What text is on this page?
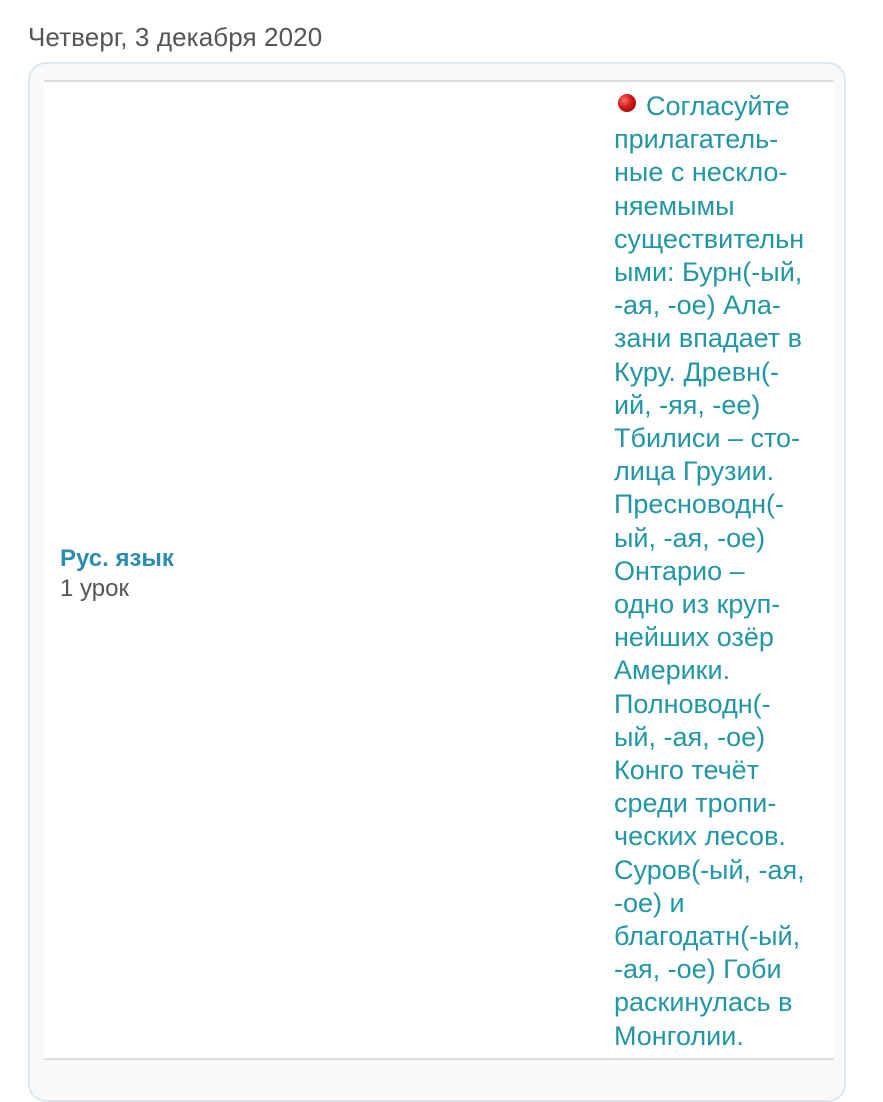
Четверг, 3 декабря 2020
Рус. язык
1 урок
Согласуйте
прилагатель-
ные с нескло-
няемымы
существительн
ыми: Бурн(-ый,
-ая, -ое) Ала-
зани впадает в
Куру. Древн(-
ий, -яя, -ее)
Тбилиси – сто-
лица Грузии.
Пресноводн(-
ый, -ая, -ое)
Онтарио –
одно из круп-
нейших озёр
Америки.
Полноводн(-
ый, -ая, -ое)
Конго течёт
среди тропи-
ческих лесов.
Суров(-ый, -ая,
-ое) и
благодатн(-ый,
-ая, -ое) Гоби
раскинулась в
Монголии.
